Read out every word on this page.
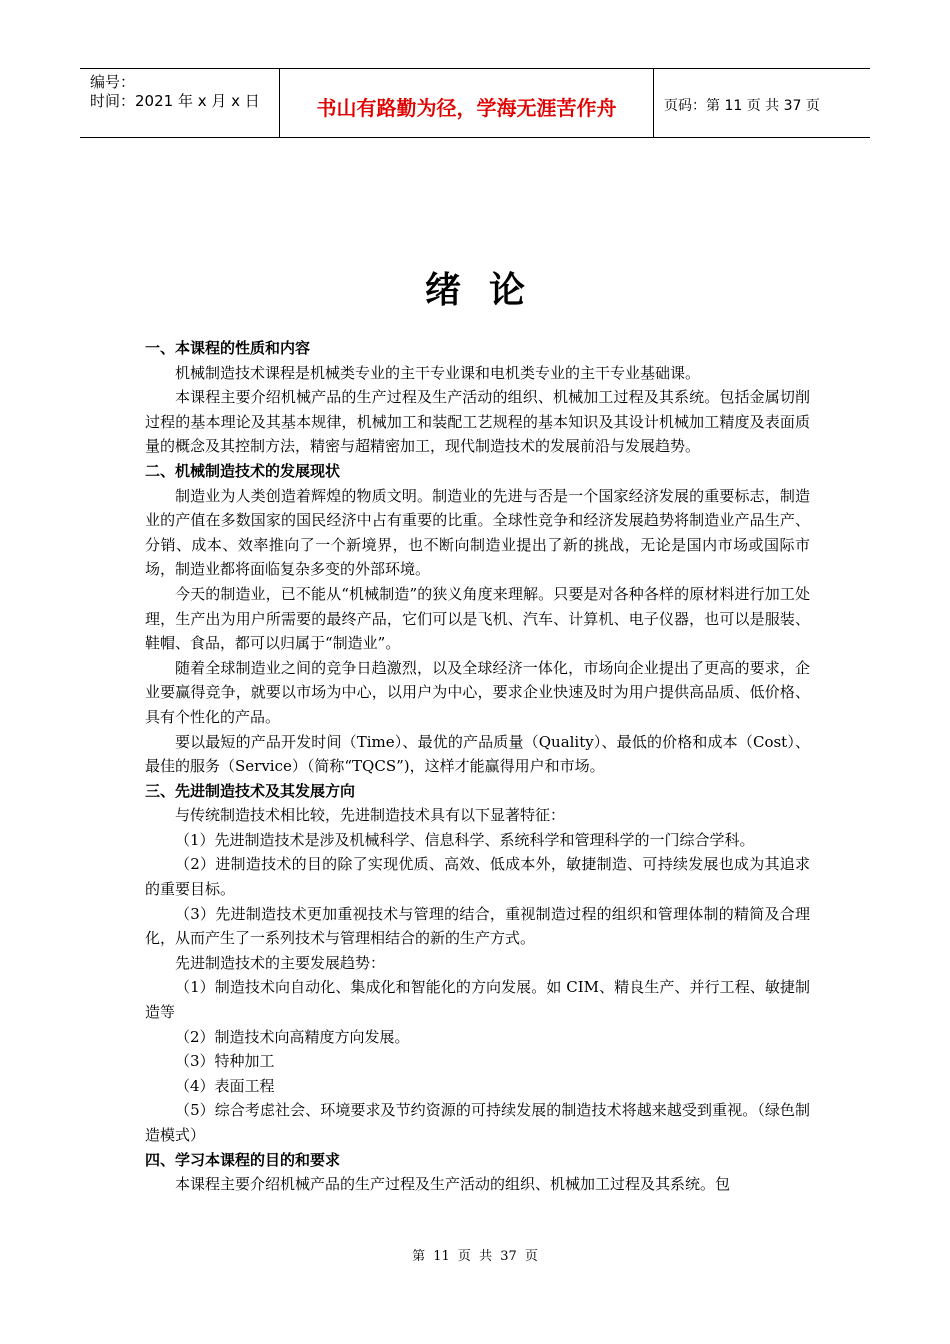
编号：
时间：2021 年 x 月 x 日	书山有路勤为径，学海无涯苦作舟	页码：第 11 页 共 37 页
绪论
一、本课程的性质和内容

机械制造技术课程是机械类专业的主干专业课和电机类专业的主干专业基础课。

本课程主要介绍机械产品的生产过程及生产活动的组织、机械加工过程及其系统。包括金属切削过程的基本理论及其基本规律，机械加工和装配工艺规程的基本知识及其设计机械加工精度及表面质量的概念及其控制方法，精密与超精密加工，现代制造技术的发展前沿与发展趋势。

二、机械制造技术的发展现状

制造业为人类创造着辉煌的物质文明。制造业的先进与否是一个国家经济发展的重要标志，制造业的产值在多数国家的国民经济中占有重要的比重。全球性竞争和经济发展趋势将制造业产品生产、分销、成本、效率推向了一个新境界，也不断向制造业提出了新的挑战，无论是国内市场或国际市场，制造业都将面临复杂多变的外部环境。

今天的制造业，已不能从“机械制造”的狭义角度来理解。只要是对各种各样的原材料进行加工处理，生产出为用户所需要的最终产品，它们可以是飞机、汽车、计算机、电子仪器，也可以是服装、鞋帽、食品，都可以归属于“制造业”。

随着全球制造业之间的竞争日趋激烈，以及全球经济一体化，市场向企业提出了更高的要求，企业要赢得竞争，就要以市场为中心，以用户为中心，要求企业快速及时为用户提供高品质、低价格、具有个性化的产品。

要以最短的产品开发时间（Time）、最优的产品质量（Quality）、最低的价格和成本（Cost）、最佳的服务（Service）（简称“TQCS”)，这样才能赢得用户和市场。

三、先进制造技术及其发展方向

与传统制造技术相比较，先进制造技术具有以下显著特征：

（1）先进制造技术是涉及机械科学、信息科学、系统科学和管理科学的一门综合学科。

（2）进制造技术的目的除了实现优质、高效、低成本外，敏捷制造、可持续发展也成为其追求的重要目标。

（3）先进制造技术更加重视技术与管理的结合，重视制造过程的组织和管理体制的精简及合理化，从而产生了一系列技术与管理相结合的新的生产方式。

先进制造技术的主要发展趋势：

（1）制造技术向自动化、集成化和智能化的方向发展。如 CIM、精良生产、并行工程、敏捷制造等

（2）制造技术向高精度方向发展。

（3）特种加工

（4）表面工程

（5）综合考虑社会、环境要求及节约资源的可持续发展的制造技术将越来越受到重视。（绿色制造模式）

四、学习本课程的目的和要求

本课程主要介绍机械产品的生产过程及生产活动的组织、机械加工过程及其系统。包

第 11 页 共 37 页
